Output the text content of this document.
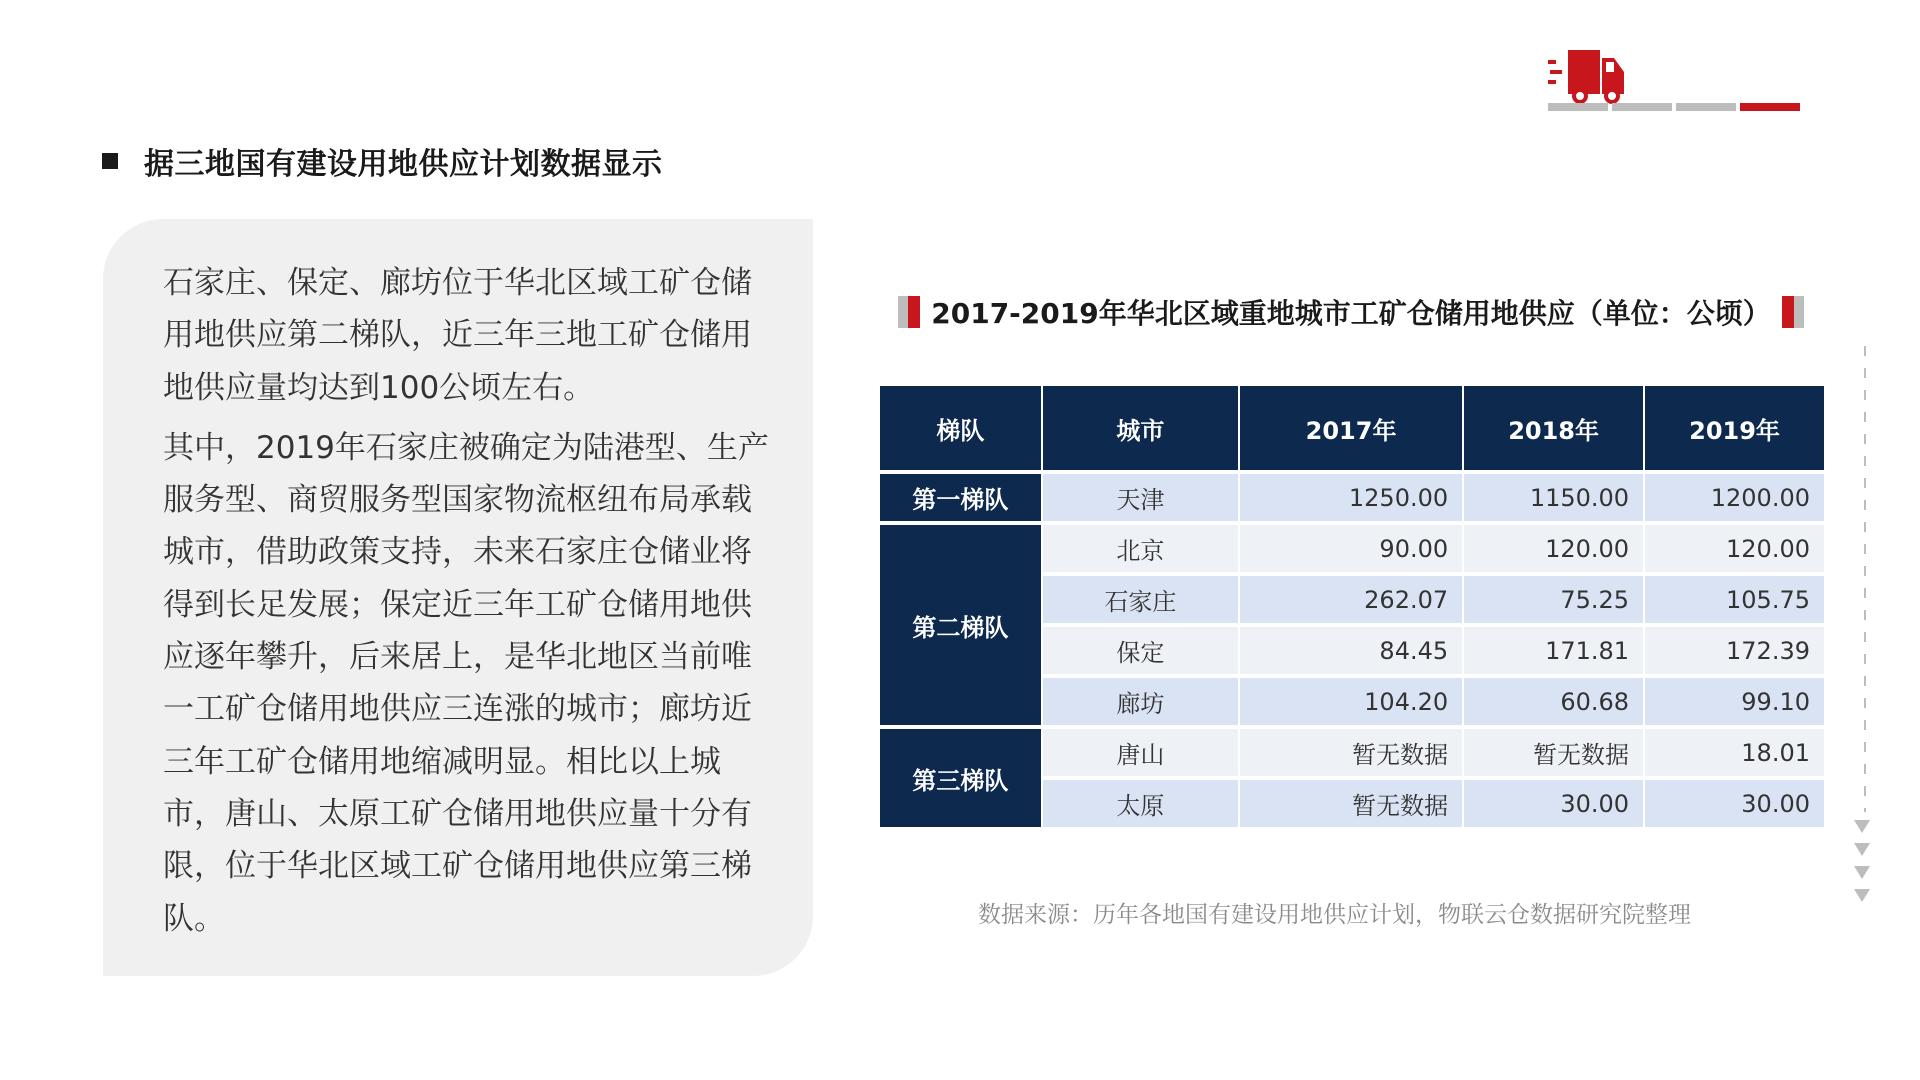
据三地国有建设用地供应计划数据显示

石家庄、保定、廊坊位于华北区域工矿仓储用地供应第二梯队，近三年三地工矿仓储用地供应量均达到100公顷左右。

其中，2019年石家庄被确定为陆港型、生产服务型、商贸服务型国家物流枢纽布局承载城市，借助政策支持，未来石家庄仓储业将得到长足发展；保定近三年工矿仓储用地供应逐年攀升，后来居上，是华北地区当前唯一工矿仓储用地供应三连涨的城市；廊坊近三年工矿仓储用地缩减明显。相比以上城市，唐山、太原工矿仓储用地供应量十分有限，位于华北区域工矿仓储用地供应第三梯队。

2017-2019年华北区域重地城市工矿仓储用地供应（单位：公顷）
梯队	城市	2017年	2018年	2019年
第一梯队	天津	1250.00	1150.00	1200.00
第二梯队	北京	90.00	120.00	120.00
	石家庄	262.07	75.25	105.75
	保定	84.45	171.81	172.39
	廊坊	104.20	60.68	99.10
第三梯队	唐山	暂无数据	暂无数据	18.01
	太原	暂无数据	30.00	30.00
数据来源：历年各地国有建设用地供应计划，物联云仓数据研究院整理
